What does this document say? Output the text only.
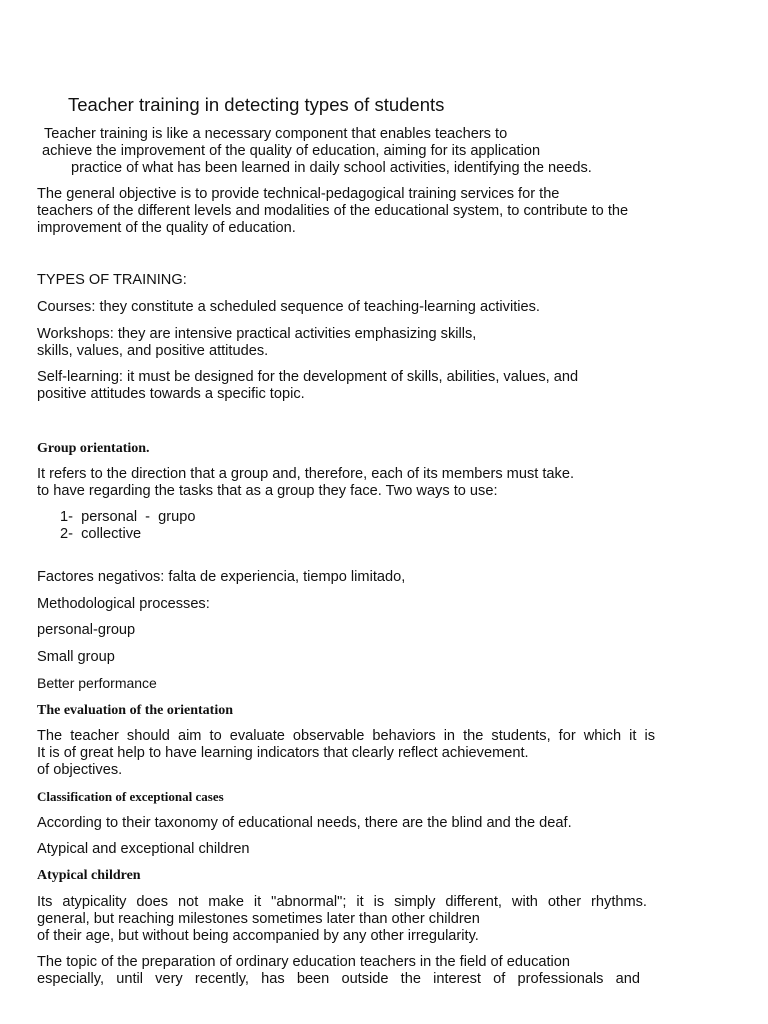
Teacher training in detecting types of students
Teacher training is like a necessary component that enables teachers to
achieve the improvement of the quality of education, aiming for its application
practice of what has been learned in daily school activities, identifying the needs.
The general objective is to provide technical-pedagogical training services for the
teachers of the different levels and modalities of the educational system, to contribute to the
improvement of the quality of education.
TYPES OF TRAINING:
Courses: they constitute a scheduled sequence of teaching-learning activities.
Workshops: they are intensive practical activities emphasizing skills,
skills, values, and positive attitudes.
Self-learning: it must be designed for the development of skills, abilities, values, and
positive attitudes towards a specific topic.
Group orientation.
It refers to the direction that a group and, therefore, each of its members must take.
to have regarding the tasks that as a group they face. Two ways to use:
1-  personal  -  grupo
2-  collective
Factores negativos: falta de experiencia, tiempo limitado,
Methodological processes:
personal-group
Small group
Better performance
The evaluation of the orientation
The teacher should aim to evaluate observable behaviors in the students, for which it is
It is of great help to have learning indicators that clearly reflect achievement.
of objectives.
Classification of exceptional cases
According to their taxonomy of educational needs, there are the blind and the deaf.
Atypical and exceptional children
Atypical children
Its atypicality does not make it "abnormal"; it is simply different, with other rhythms.
general, but reaching milestones sometimes later than other children
of their age, but without being accompanied by any other irregularity.
The topic of the preparation of ordinary education teachers in the field of education
especially, until very recently, has been outside the interest of professionals and
